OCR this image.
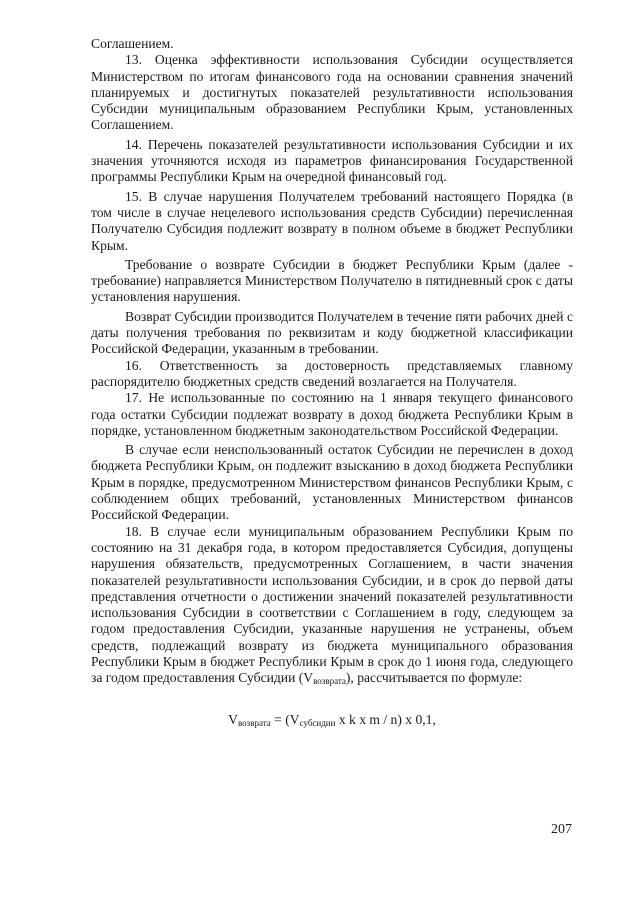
Соглашением.

13. Оценка эффективности использования Субсидии осуществляется Министерством по итогам финансового года на основании сравнения значений планируемых и достигнутых показателей результативности использования Субсидии муниципальным образованием Республики Крым, установленных Соглашением.

14. Перечень показателей результативности использования Субсидии и их значения уточняются исходя из параметров финансирования Государственной программы Республики Крым на очередной финансовый год.

15. В случае нарушения Получателем требований настоящего Порядка (в том числе в случае нецелевого использования средств Субсидии) перечисленная Получателю Субсидия подлежит возврату в полном объеме в бюджет Республики Крым.

Требование о возврате Субсидии в бюджет Республики Крым (далее - требование) направляется Министерством Получателю в пятидневный срок с даты установления нарушения.

Возврат Субсидии производится Получателем в течение пяти рабочих дней с даты получения требования по реквизитам и коду бюджетной классификации Российской Федерации, указанным в требовании.

16. Ответственность за достоверность представляемых главному распорядителю бюджетных средств сведений возлагается на Получателя.

17. Не использованные по состоянию на 1 января текущего финансового года остатки Субсидии подлежат возврату в доход бюджета Республики Крым в порядке, установленном бюджетным законодательством Российской Федерации.

В случае если неиспользованный остаток Субсидии не перечислен в доход бюджета Республики Крым, он подлежит взысканию в доход бюджета Республики Крым в порядке, предусмотренном Министерством финансов Республики Крым, с соблюдением общих требований, установленных Министерством финансов Российской Федерации.

18. В случае если муниципальным образованием Республики Крым по состоянию на 31 декабря года, в котором предоставляется Субсидия, допущены нарушения обязательств, предусмотренных Соглашением, в части значения показателей результативности использования Субсидии, и в срок до первой даты представления отчетности о достижении значений показателей результативности использования Субсидии в соответствии с Соглашением в году, следующем за годом предоставления Субсидии, указанные нарушения не устранены, объем средств, подлежащий возврату из бюджета муниципального образования Республики Крым в бюджет Республики Крым в срок до 1 июня года, следующего за годом предоставления Субсидии $(V_{возврата})$, рассчитывается по формуле:

$V_{возврата} = (V_{субсидии}$ x k x m / n) x 0,1,
207
